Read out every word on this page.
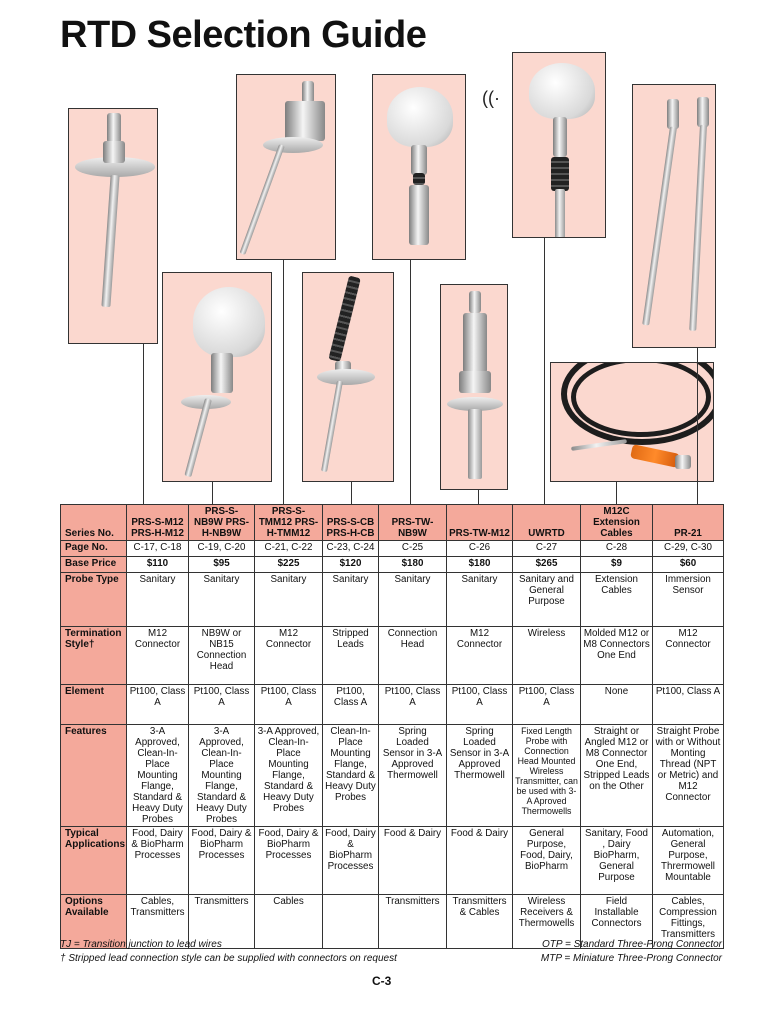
RTD Selection Guide
((·
Series No.	PRS-S-M12 PRS-H-M12	PRS-S-NB9W PRS-H-NB9W	PRS-S-TMM12 PRS-H-TMM12	PRS-S-CB PRS-H-CB	PRS-TW-NB9W	PRS-TW-M12	UWRTD	M12C Extension Cables	PR-21
Page No.	C-17, C-18	C-19, C-20	C-21, C-22	C-23, C-24	C-25	C-26	C-27	C-28	C-29, C-30
Base Price	$110	$95	$225	$120	$180	$180	$265	$9	$60
Probe Type	Sanitary	Sanitary	Sanitary	Sanitary	Sanitary	Sanitary	Sanitary and General Purpose	Extension Cables	Immersion Sensor
Termination Style†	M12 Connector	NB9W or NB15 Connection Head	M12 Connector	Stripped Leads	Connection Head	M12 Connector	Wireless	Molded M12 or M8 Connectors One End	M12 Connector
Element	Pt100, Class A	Pt100, Class A	Pt100, Class A	Pt100, Class A	Pt100, Class A	Pt100, Class A	Pt100, Class A	None	Pt100, Class A
Features	3-A Approved, Clean-In-Place Mounting Flange, Standard & Heavy Duty Probes	3-A Approved, Clean-In-Place Mounting Flange, Standard & Heavy Duty Probes	3-A Approved, Clean-In-Place Mounting Flange, Standard & Heavy Duty Probes	Clean-In-Place Mounting Flange, Standard & Heavy Duty Probes	Spring Loaded Sensor in 3-A Approved Thermowell	Spring Loaded Sensor in 3-A Approved Thermowell	Fixed Length Probe with Connection Head Mounted Wireless Transmitter, can be used with 3-A Aproved Thermowells	Straight or Angled M12 or M8 Connector One End, Stripped Leads on the Other	Straight Probe with or Without Monting Thread (NPT or Metric) and M12 Connector
Typical Applications	Food, Dairy & BioPharm Processes	Food, Dairy & BioPharm Processes	Food, Dairy & BioPharm Processes	Food, Dairy & BioPharm Processes	Food & Dairy	Food & Dairy	General Purpose, Food, Dairy, BioPharm	Sanitary, Food , Dairy BioPharm, General Purpose	Automation, General Purpose, Thrermowell Mountable
Options Available	Cables, Transmitters	Transmitters	Cables		Transmitters	Transmitters & Cables	Wireless Receivers & Thermowells	Field Installable Connectors	Cables, Compression Fittings, Transmitters
TJ = Transition junction to lead wires
† Stripped lead connection style can be supplied with connectors on request
OTP = Standard Three-Prong Connector
MTP = Miniature Three-Prong Connector
C-3
